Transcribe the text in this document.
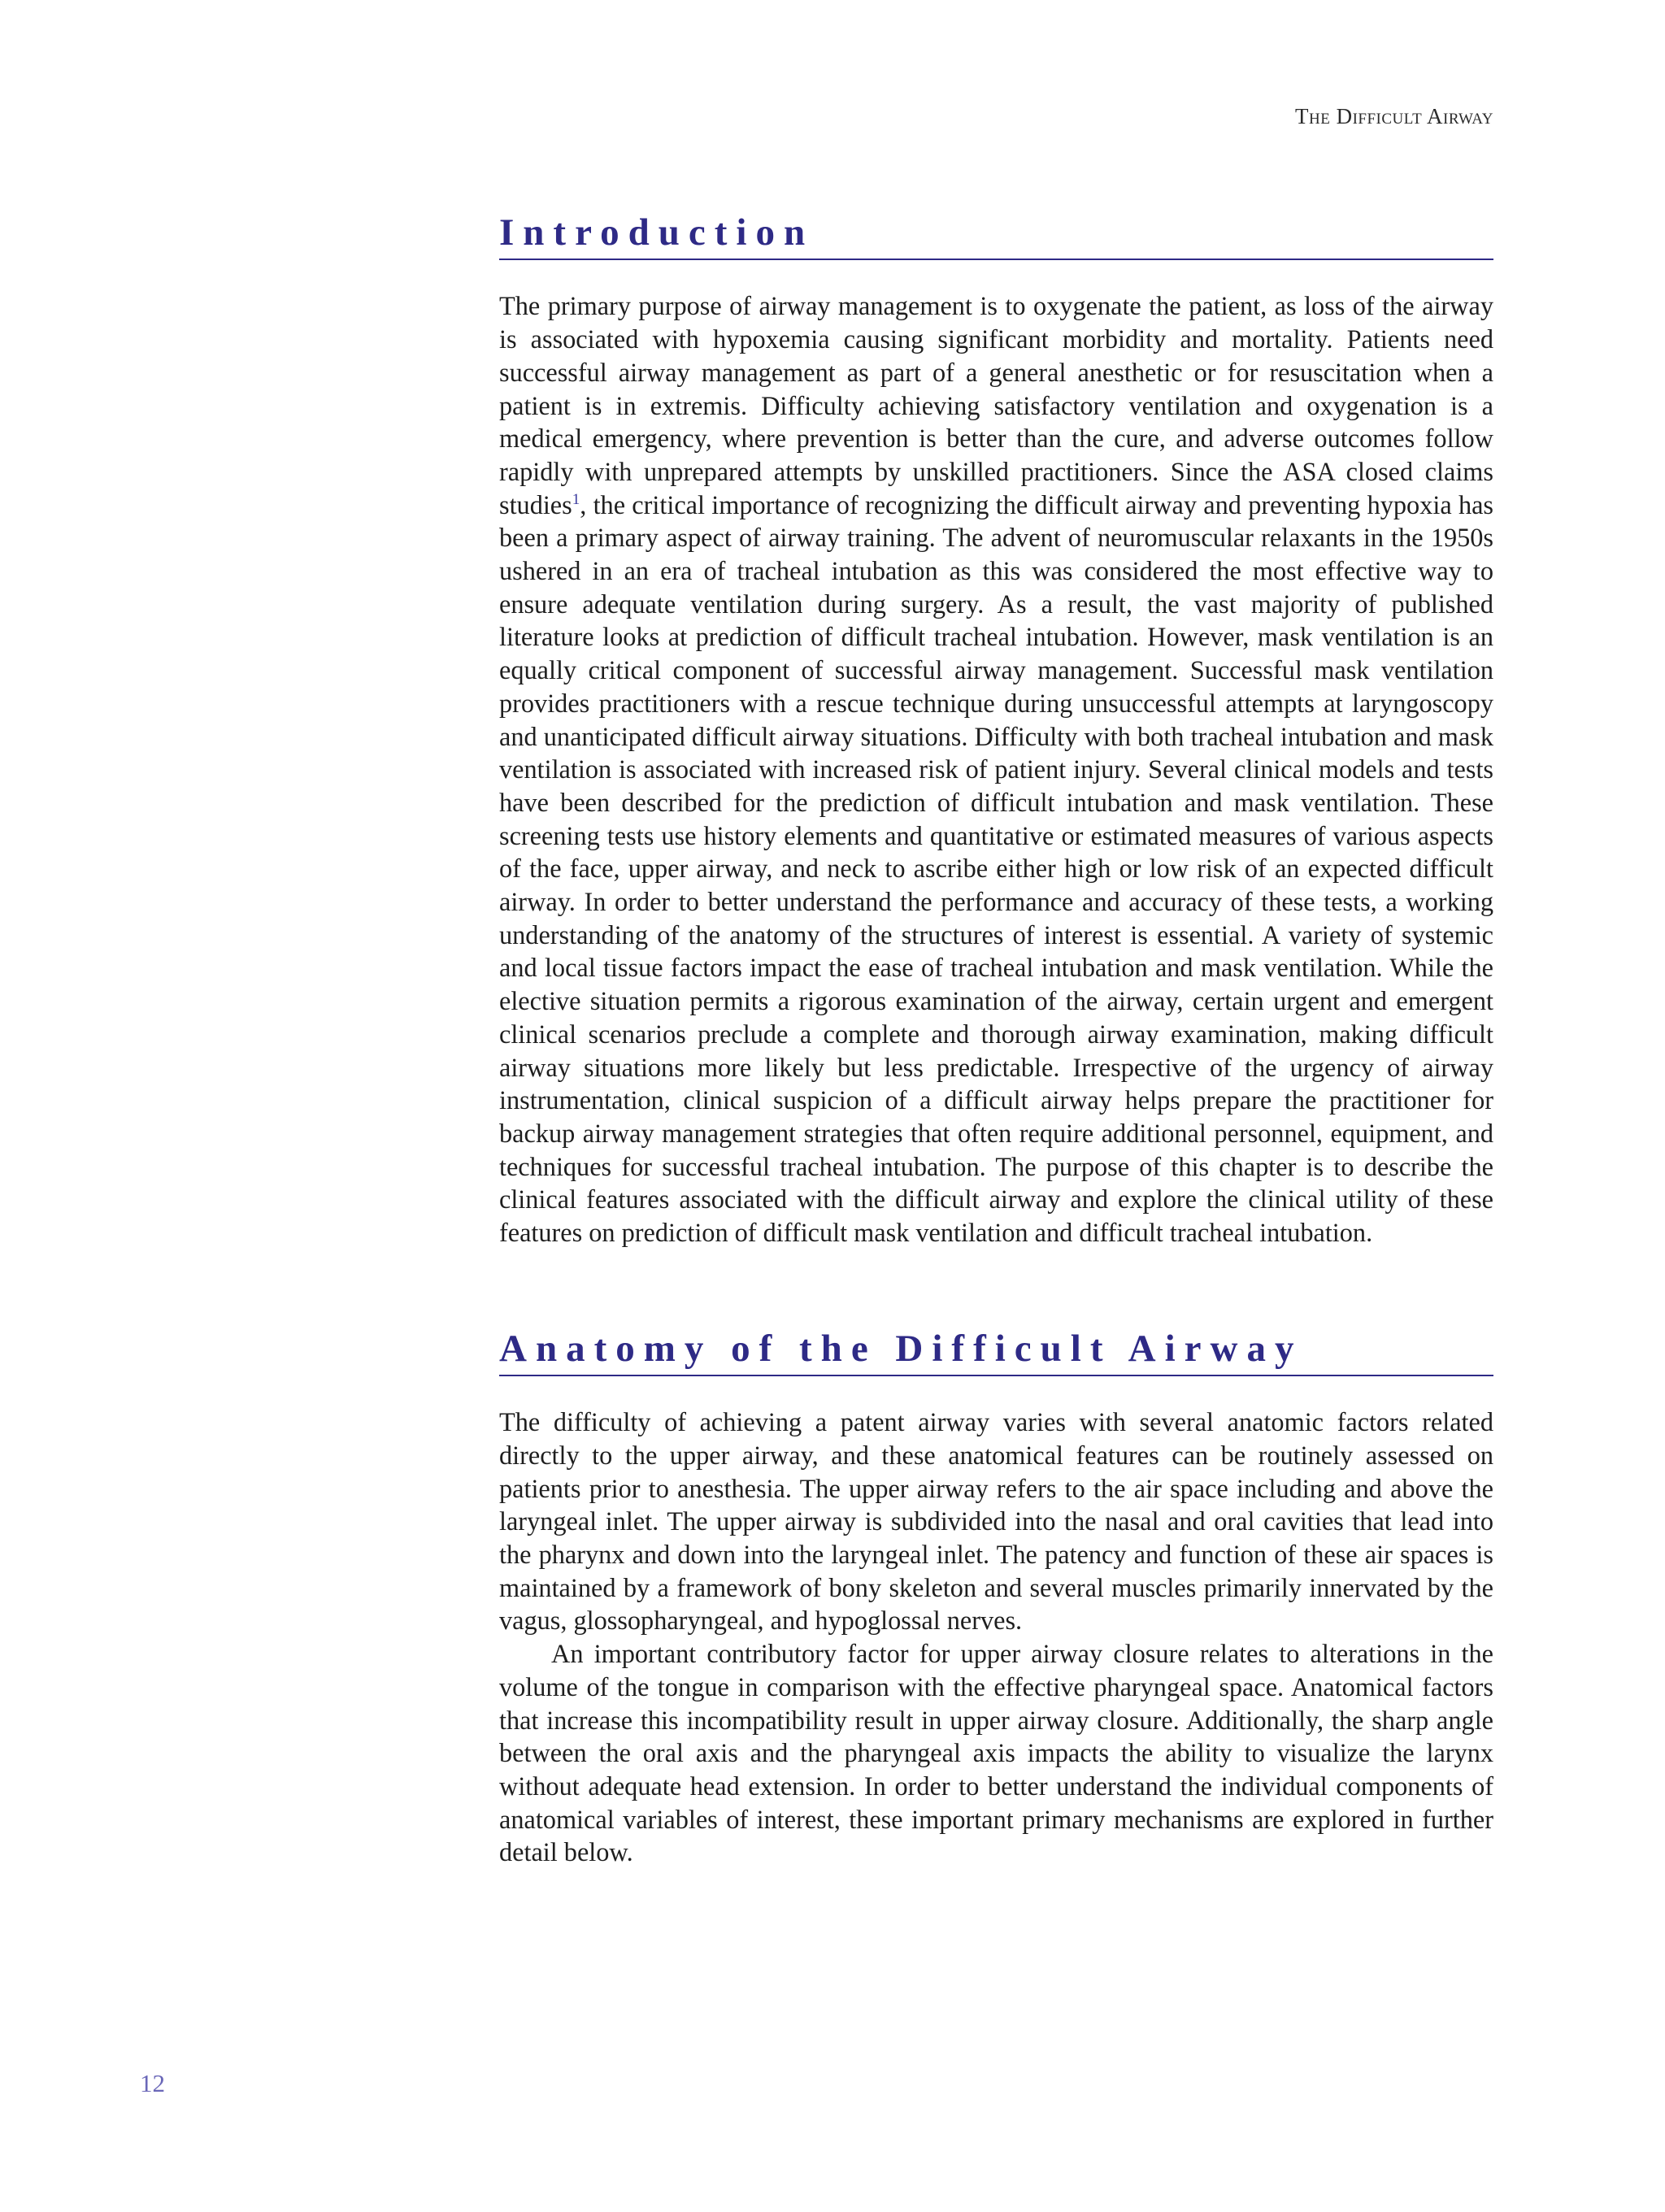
The Difficult Airway
Introduction

The primary purpose of airway management is to oxygenate the patient, as loss of the airway is associated with hypoxemia causing significant morbidity and mortality. Patients need successful airway management as part of a general anesthetic or for resuscitation when a patient is in extremis. Difficulty achieving satisfactory ventilation and oxygenation is a medical emergency, where prevention is better than the cure, and adverse outcomes follow rapidly with unprepared attempts by unskilled practitioners. Since the ASA closed claims studies$^1$, the critical importance of recognizing the difficult airway and preventing hypoxia has been a primary aspect of airway training. The advent of neuromuscular relaxants in the 1950s ushered in an era of tracheal intubation as this was considered the most effective way to ensure adequate ventilation during surgery. As a result, the vast majority of published literature looks at prediction of difficult tracheal intubation. However, mask ventilation is an equally critical component of successful airway management. Successful mask ventilation provides practitioners with a rescue technique during unsuccessful attempts at laryngoscopy and unanticipated difficult airway situations. Difficulty with both tracheal intubation and mask ventilation is associated with increased risk of patient injury. Several clinical models and tests have been described for the prediction of difficult intubation and mask ventilation. These screening tests use history elements and quantitative or estimated measures of various aspects of the face, upper airway, and neck to ascribe either high or low risk of an expected difficult airway. In order to better understand the performance and accuracy of these tests, a working understanding of the anatomy of the structures of interest is essential. A variety of systemic and local tissue factors impact the ease of tracheal intubation and mask ventilation. While the elective situation permits a rigorous examination of the airway, certain urgent and emergent clinical scenarios preclude a complete and thorough airway examination, making difficult airway situations more likely but less predictable. Irrespective of the urgency of airway instrumentation, clinical suspicion of a difficult airway helps prepare the practitioner for backup airway management strategies that often require additional personnel, equipment, and techniques for successful tracheal intubation. The purpose of this chapter is to describe the clinical features associated with the difficult airway and explore the clinical utility of these features on prediction of difficult mask ventilation and difficult tracheal intubation.

Anatomy of the Difficult Airway

The difficulty of achieving a patent airway varies with several anatomic factors related directly to the upper airway, and these anatomical features can be routinely assessed on patients prior to anesthesia. The upper airway refers to the air space including and above the laryngeal inlet. The upper airway is subdivided into the nasal and oral cavities that lead into the pharynx and down into the laryngeal inlet. The patency and function of these air spaces is maintained by a framework of bony skeleton and several muscles primarily innervated by the vagus, glossopharyngeal, and hypoglossal nerves.

An important contributory factor for upper airway closure relates to alterations in the volume of the tongue in comparison with the effective pharyngeal space. Anatomical factors that increase this incompatibility result in upper airway closure. Additionally, the sharp angle between the oral axis and the pharyngeal axis impacts the ability to visualize the larynx without adequate head extension. In order to better understand the individual components of anatomical variables of interest, these important primary mechanisms are explored in further detail below.

12
